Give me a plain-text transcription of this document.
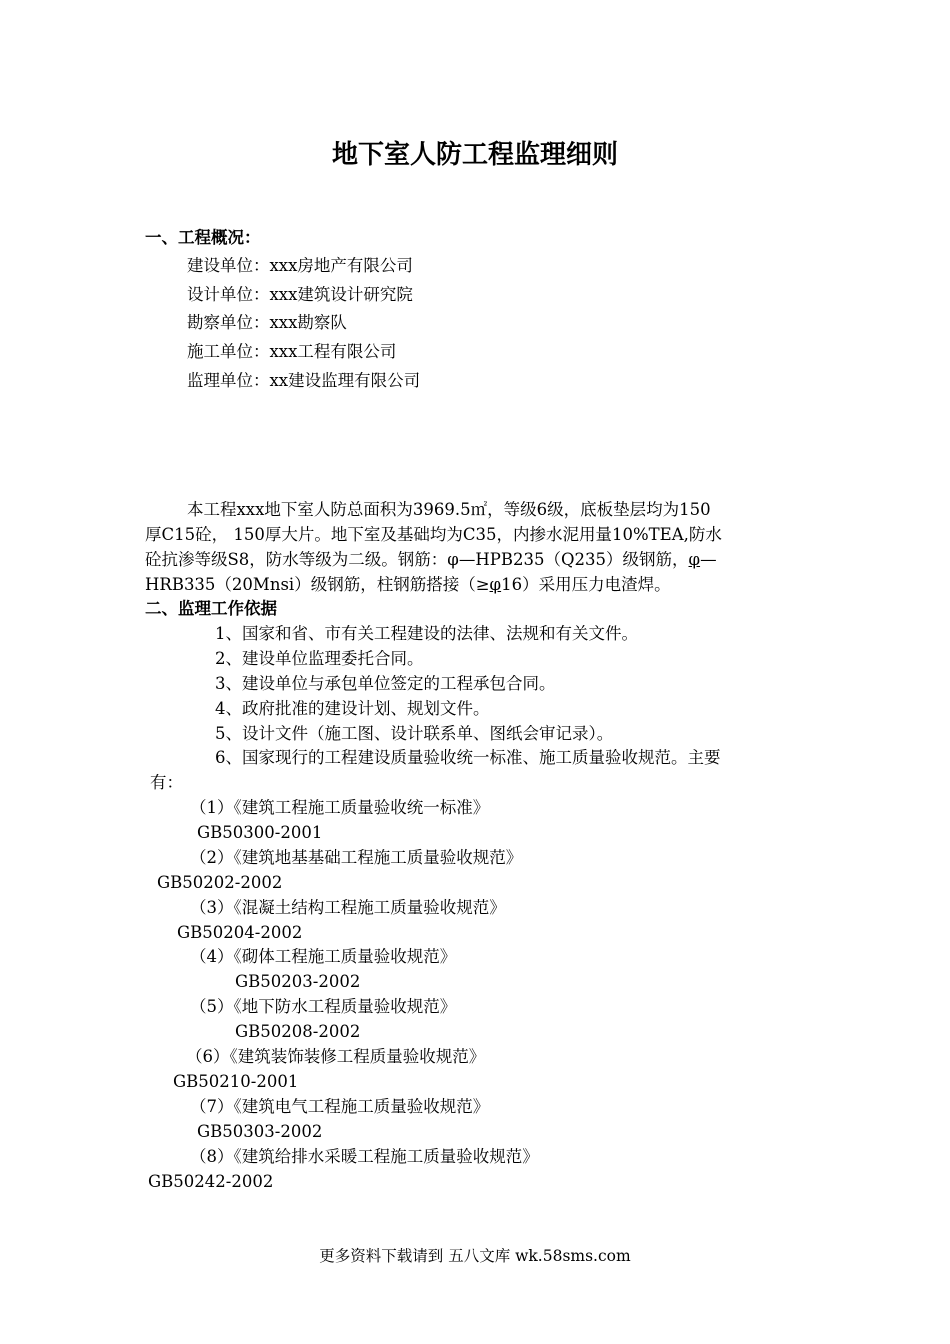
地下室人防工程监理细则
一、工程概况：
建设单位：xxx房地产有限公司
设计单位：xxx建筑设计研究院
勘察单位：xxx勘察队
施工单位：xxx工程有限公司
监理单位：xx建设监理有限公司
本工程xxx地下室人防总面积为3969.5㎡，等级6级，底板垫层均为150
厚C15砼， 150厚大片。地下室及基础均为C35，内掺水泥用量10%TEA,防水
砼抗渗等级S8，防水等级为二级。钢筋：φ—HPB235（Q235）级钢筋，φ—
HRB335（20Mnsi）级钢筋，柱钢筋搭接（≥φ16）采用压力电渣焊。
二、监理工作依据
1、国家和省、市有关工程建设的法律、法规和有关文件。
2、建设单位监理委托合同。
3、建设单位与承包单位签定的工程承包合同。
4、政府批准的建设计划、规划文件。
5、设计文件（施工图、设计联系单、图纸会审记录）。
6、国家现行的工程建设质量验收统一标准、施工质量验收规范。主要
有：
（1）《建筑工程施工质量验收统一标准》
GB50300-2001
（2）《建筑地基基础工程施工质量验收规范》
GB50202-2002
（3）《混凝土结构工程施工质量验收规范》
GB50204-2002
（4）《砌体工程施工质量验收规范》
GB50203-2002
（5）《地下防水工程质量验收规范》
GB50208-2002
（6）《建筑装饰装修工程质量验收规范》
GB50210-2001
（7）《建筑电气工程施工质量验收规范》
GB50303-2002
（8）《建筑给排水采暖工程施工质量验收规范》
GB50242-2002
更多资料下载请到 五八文库 wk.58sms.com
